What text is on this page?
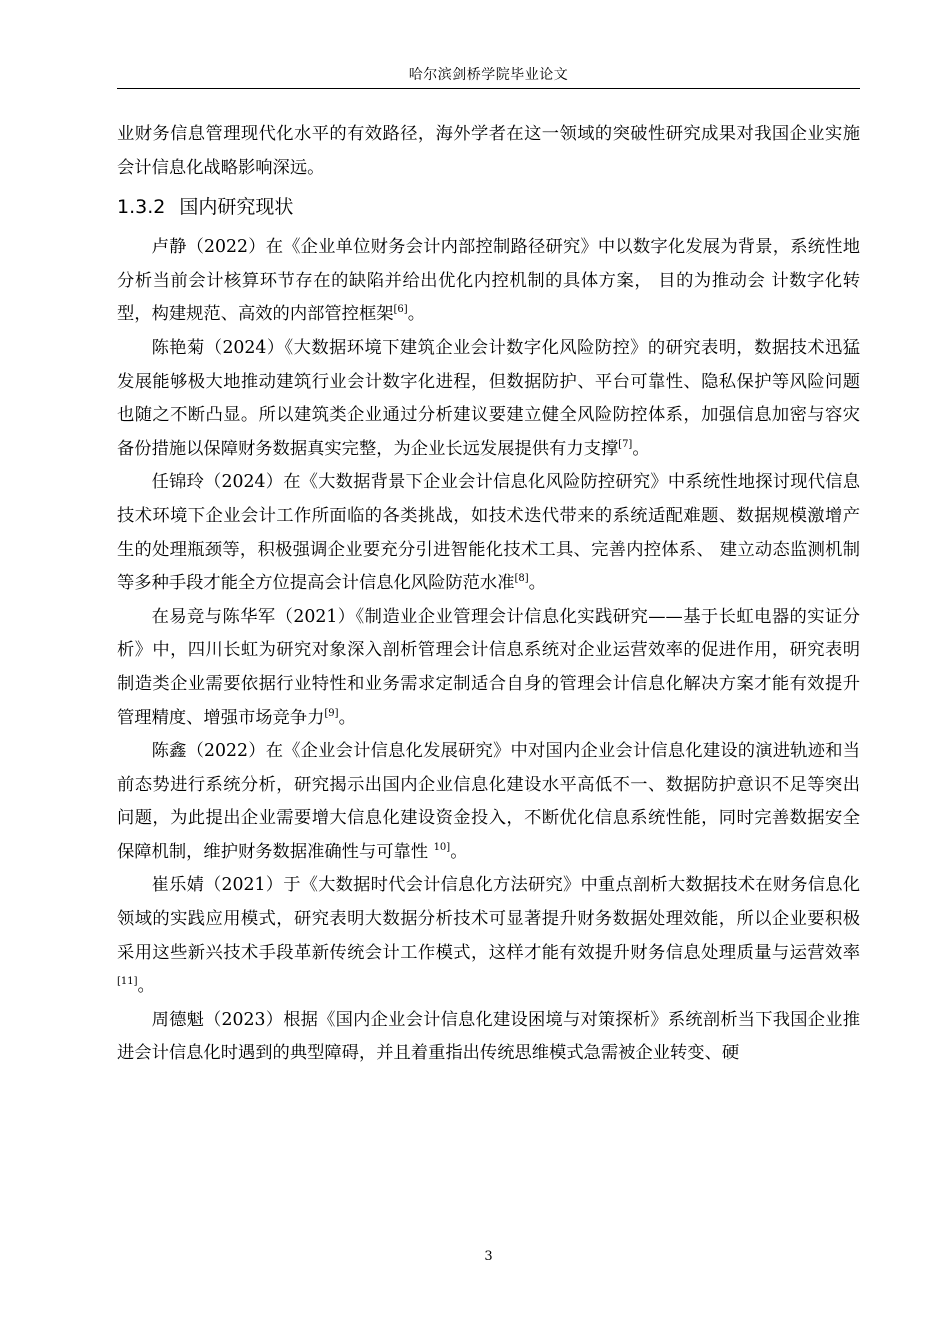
哈尔滨剑桥学院毕业论文

业财务信息管理现代化水平的有效路径，海外学者在这一领域的突破性研究成果对我国企业实施会计信息化战略影响深远。

1.3.2 国内研究现状

卢静（2022）在《企业单位财务会计内部控制路径研究》中以数字化发展为背景，系统性地分析当前会计核算环节存在的缺陷并给出优化内控机制的具体方案， 目的为推动会 计数字化转型，构建规范、高效的内部管控框架[6]。

陈艳菊（2024）《大数据环境下建筑企业会计数字化风险防控》的研究表明，数据技术迅猛发展能够极大地推动建筑行业会计数字化进程，但数据防护、平台可靠性、隐私保护等风险问题也随之不断凸显。所以建筑类企业通过分析建议要建立健全风险防控体系，加强信息加密与容灾备份措施以保障财务数据真实完整，为企业长远发展提供有力支撑[7]。

任锦玲（2024）在《大数据背景下企业会计信息化风险防控研究》中系统性地探讨现代信息技术环境下企业会计工作所面临的各类挑战，如技术迭代带来的系统适配难题、数据规模激增产生的处理瓶颈等，积极强调企业要充分引进智能化技术工具、完善内控体系、 建立动态监测机制等多种手段才能全方位提高会计信息化风险防范水准[8]。

在易竞与陈华军（2021）《制造业企业管理会计信息化实践研究——基于长虹电器的实证分析》中，四川长虹为研究对象深入剖析管理会计信息系统对企业运营效率的促进作用，研究表明制造类企业需要依据行业特性和业务需求定制适合自身的管理会计信息化解决方案才能有效提升管理精度、增强市场竞争力[9]。

陈鑫（2022）在《企业会计信息化发展研究》中对国内企业会计信息化建设的演进轨迹和当前态势进行系统分析，研究揭示出国内企业信息化建设水平高低不一、数据防护意识不足等突出问题，为此提出企业需要增大信息化建设资金投入，不断优化信息系统性能，同时完善数据安全保障机制，维护财务数据准确性与可靠性 $^{10]}$。

崔乐婧（2021）于《大数据时代会计信息化方法研究》中重点剖析大数据技术在财务信息化领域的实践应用模式，研究表明大数据分析技术可显著提升财务数据处理效能，所以企业要积极采用这些新兴技术手段革新传统会计工作模式，这样才能有效提升财务信息处理质量与运营效率[11]。

周德魁（2023）根据《国内企业会计信息化建设困境与对策探析》系统剖析当下我国企业推进会计信息化时遇到的典型障碍，并且着重指出传统思维模式急需被企业转变、硬

3
